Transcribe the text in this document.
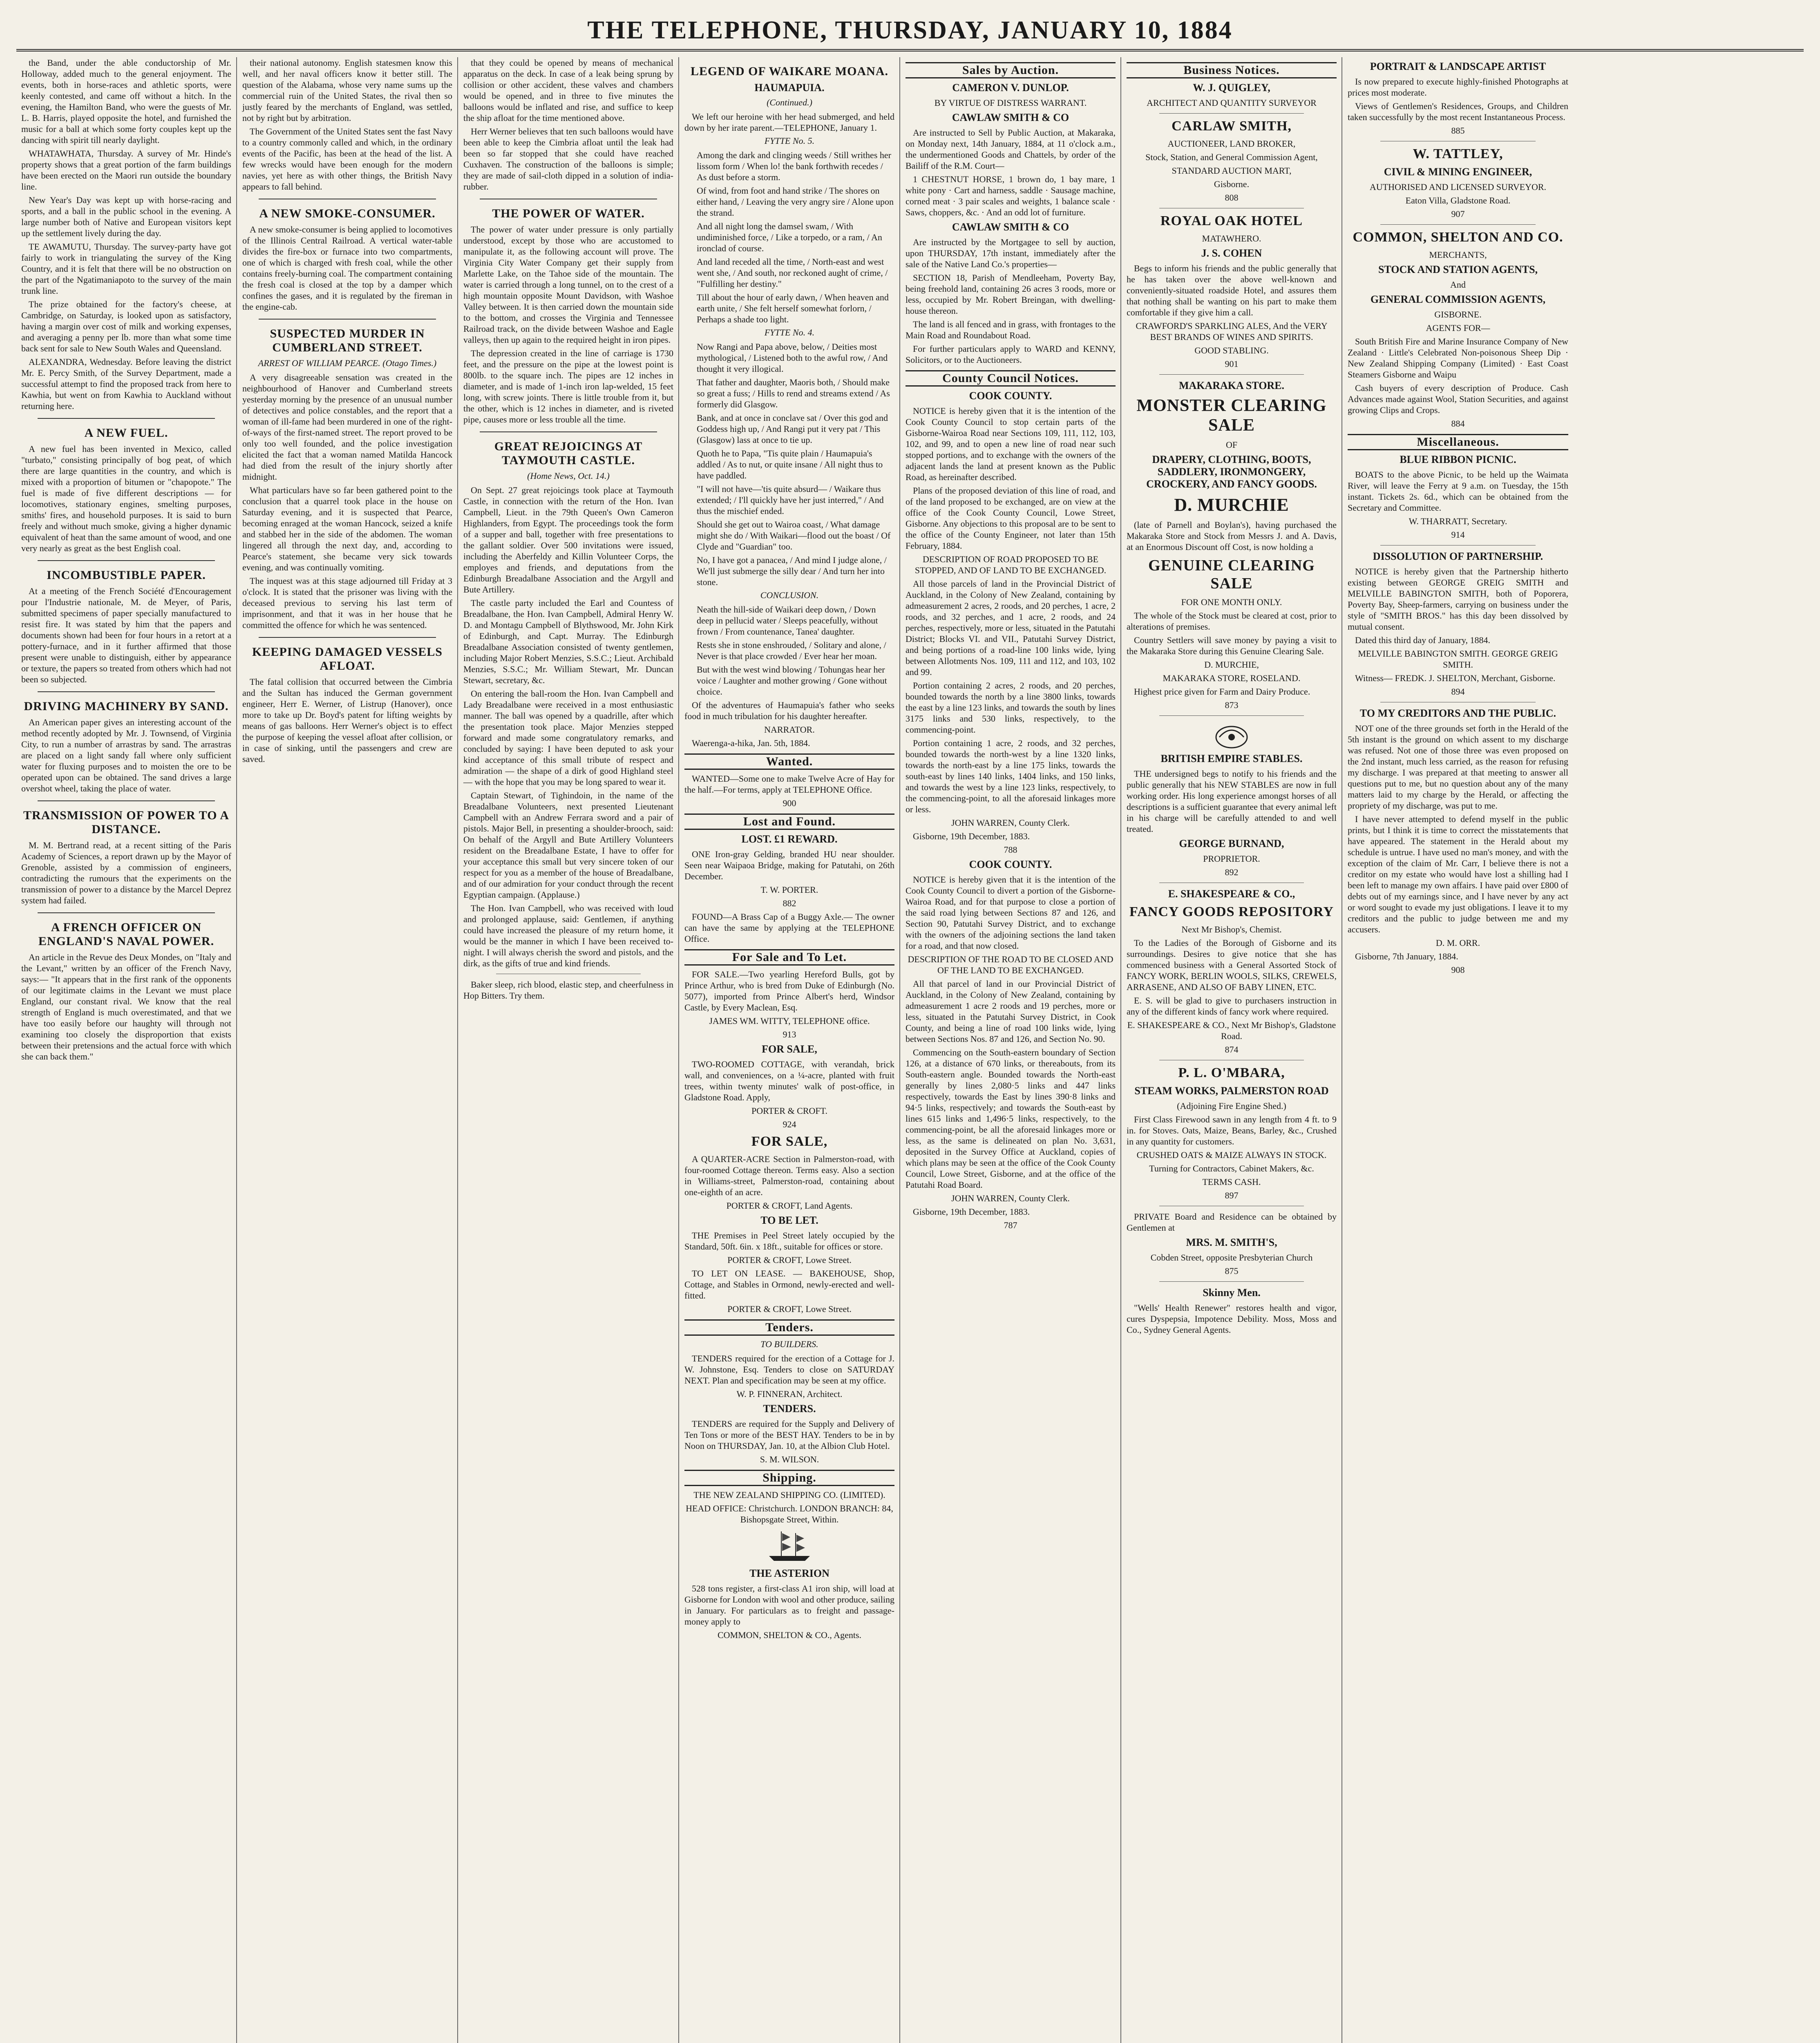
THE TELEPHONE, THURSDAY, JANUARY 10, 1884

the Band, under the able conductorship of Mr. Holloway, added much to the general enjoyment. The events, both in horse-races and athletic sports, were keenly contested, and came off without a hitch. In the evening, the Hamilton Band, who were the guests of Mr. L. B. Harris, played opposite the hotel, and furnished the music for a ball at which some forty couples kept up the dancing with spirit till nearly daylight.

WHATAWHATA, Thursday. A survey of Mr. Hinde's property shows that a great portion of the farm buildings have been erected on the Maori run outside the boundary line.

New Year's Day was kept up with horse-racing and sports, and a ball in the public school in the evening. A large number both of Native and European visitors kept up the settlement lively during the day.

TE AWAMUTU, Thursday. The survey-party have got fairly to work in triangulating the survey of the King Country, and it is felt that there will be no obstruction on the part of the Ngatimaniapoto to the survey of the main trunk line.

The prize obtained for the factory's cheese, at Cambridge, on Saturday, is looked upon as satisfactory, having a margin over cost of milk and working expenses, and averaging a penny per lb. more than what some time back sent for sale to New South Wales and Queensland.

ALEXANDRA, Wednesday. Before leaving the district Mr. E. Percy Smith, of the Survey Department, made a successful attempt to find the proposed track from here to Kawhia, but went on from Kawhia to Auckland without returning here.

A NEW FUEL.

A new fuel has been invented in Mexico, called "turbato," consisting principally of bog peat, of which there are large quantities in the country, and which is mixed with a proportion of bitumen or "chapopote." The fuel is made of five different descriptions — for locomotives, stationary engines, smelting purposes, smiths' fires, and household purposes. It is said to burn freely and without much smoke, giving a higher dynamic equivalent of heat than the same amount of wood, and one very nearly as great as the best English coal.

INCOMBUSTIBLE PAPER.

At a meeting of the French Société d'Encouragement pour l'Industrie nationale, M. de Meyer, of Paris, submitted specimens of paper specially manufactured to resist fire. It was stated by him that the papers and documents shown had been for four hours in a retort at a pottery-furnace, and in it further affirmed that those present were unable to distinguish, either by appearance or texture, the papers so treated from others which had not been so subjected.

DRIVING MACHINERY BY SAND.

An American paper gives an interesting account of the method recently adopted by Mr. J. Townsend, of Virginia City, to run a number of arrastras by sand. The arrastras are placed on a light sandy fall where only sufficient water for fluxing purposes and to moisten the ore to be operated upon can be obtained. The sand drives a large overshot wheel, taking the place of water.

TRANSMISSION OF POWER TO A DISTANCE.

M. M. Bertrand read, at a recent sitting of the Paris Academy of Sciences, a report drawn up by the Mayor of Grenoble, assisted by a commission of engineers, contradicting the rumours that the experiments on the transmission of power to a distance by the Marcel Deprez system had failed.

A FRENCH OFFICER ON ENGLAND'S NAVAL POWER.

An article in the Revue des Deux Mondes, on "Italy and the Levant," written by an officer of the French Navy, says:— "It appears that in the first rank of the opponents of our legitimate claims in the Levant we must place England, our constant rival. We know that the real strength of England is much overestimated, and that we have too easily before our haughty will through not examining too closely the disproportion that exists between their pretensions and the actual force with which she can back them."

their national autonomy. English statesmen know this well, and her naval officers know it better still. The question of the Alabama, whose very name sums up the commercial ruin of the United States, the rival then so justly feared by the merchants of England, was settled, not by right but by arbitration.

The Government of the United States sent the fast Navy to a country commonly called and which, in the ordinary events of the Pacific, has been at the head of the list. A few wrecks would have been enough for the modern navies, yet here as with other things, the British Navy appears to fall behind.

A NEW SMOKE-CONSUMER.

A new smoke-consumer is being applied to locomotives of the Illinois Central Railroad. A vertical water-table divides the fire-box or furnace into two compartments, one of which is charged with fresh coal, while the other contains freely-burning coal. The compartment containing the fresh coal is closed at the top by a damper which confines the gases, and it is regulated by the fireman in the engine-cab.

SUSPECTED MURDER IN CUMBERLAND STREET.
ARREST OF WILLIAM PEARCE. (Otago Times.)

A very disagreeable sensation was created in the neighbourhood of Hanover and Cumberland streets yesterday morning by the presence of an unusual number of detectives and police constables, and the report that a woman of ill-fame had been murdered in one of the right-of-ways of the first-named street. The report proved to be only too well founded, and the police investigation elicited the fact that a woman named Matilda Hancock had died from the result of the injury shortly after midnight.

What particulars have so far been gathered point to the conclusion that a quarrel took place in the house on Saturday evening, and it is suspected that Pearce, becoming enraged at the woman Hancock, seized a knife and stabbed her in the side of the abdomen. The woman lingered all through the next day, and, according to Pearce's statement, she became very sick towards evening, and was continually vomiting.

The inquest was at this stage adjourned till Friday at 3 o'clock. It is stated that the prisoner was living with the deceased previous to serving his last term of imprisonment, and that it was in her house that he committed the offence for which he was sentenced.

KEEPING DAMAGED VESSELS AFLOAT.

The fatal collision that occurred between the Cimbria and the Sultan has induced the German government engineer, Herr E. Werner, of Listrup (Hanover), once more to take up Dr. Boyd's patent for lifting weights by means of gas balloons. Herr Werner's object is to effect the purpose of keeping the vessel afloat after collision, or in case of sinking, until the passengers and crew are saved.

that they could be opened by means of mechanical apparatus on the deck. In case of a leak being sprung by collision or other accident, these valves and chambers would be opened, and in three to five minutes the balloons would be inflated and rise, and suffice to keep the ship afloat for the time mentioned above.

Herr Werner believes that ten such balloons would have been able to keep the Cimbria afloat until the leak had been so far stopped that she could have reached Cuxhaven. The construction of the balloons is simple; they are made of sail-cloth dipped in a solution of india-rubber.

THE POWER OF WATER.

The power of water under pressure is only partially understood, except by those who are accustomed to manipulate it, as the following account will prove. The Virginia City Water Company get their supply from Marlette Lake, on the Tahoe side of the mountain. The water is carried through a long tunnel, on to the crest of a high mountain opposite Mount Davidson, with Washoe Valley between. It is then carried down the mountain side to the bottom, and crosses the Virginia and Tennessee Railroad track, on the divide between Washoe and Eagle valleys, then up again to the required height in iron pipes.

The depression created in the line of carriage is 1730 feet, and the pressure on the pipe at the lowest point is 800lb. to the square inch. The pipes are 12 inches in diameter, and is made of 1-inch iron lap-welded, 15 feet long, with screw joints. There is little trouble from it, but the other, which is 12 inches in diameter, and is riveted pipe, causes more or less trouble all the time.

GREAT REJOICINGS AT TAYMOUTH CASTLE.
(Home News, Oct. 14.)

On Sept. 27 great rejoicings took place at Taymouth Castle, in connection with the return of the Hon. Ivan Campbell, Lieut. in the 79th Queen's Own Cameron Highlanders, from Egypt. The proceedings took the form of a supper and ball, together with free presentations to the gallant soldier. Over 500 invitations were issued, including the Aberfeldy and Killin Volunteer Corps, the employes and friends, and deputations from the Edinburgh Breadalbane Association and the Argyll and Bute Artillery.

The castle party included the Earl and Countess of Breadalbane, the Hon. Ivan Campbell, Admiral Henry W. D. and Montagu Campbell of Blythswood, Mr. John Kirk of Edinburgh, and Capt. Murray. The Edinburgh Breadalbane Association consisted of twenty gentlemen, including Major Robert Menzies, S.S.C.; Lieut. Archibald Menzies, S.S.C.; Mr. William Stewart, Mr. Duncan Stewart, secretary, &c.

On entering the ball-room the Hon. Ivan Campbell and Lady Breadalbane were received in a most enthusiastic manner. The ball was opened by a quadrille, after which the presentation took place. Major Menzies stepped forward and made some congratulatory remarks, and concluded by saying: I have been deputed to ask your kind acceptance of this small tribute of respect and admiration — the shape of a dirk of good Highland steel — with the hope that you may be long spared to wear it.

Captain Stewart, of Tighindoin, in the name of the Breadalbane Volunteers, next presented Lieutenant Campbell with an Andrew Ferrara sword and a pair of pistols. Major Bell, in presenting a shoulder-brooch, said: On behalf of the Argyll and Bute Artillery Volunteers resident on the Breadalbane Estate, I have to offer for your acceptance this small but very sincere token of our respect for you as a member of the house of Breadalbane, and of our admiration for your conduct through the recent Egyptian campaign. (Applause.)

The Hon. Ivan Campbell, who was received with loud and prolonged applause, said: Gentlemen, if anything could have increased the pleasure of my return home, it would be the manner in which I have been received to-night. I will always cherish the sword and pistols, and the dirk, as the gifts of true and kind friends.

Baker sleep, rich blood, elastic step, and cheerfulness in Hop Bitters. Try them.

LEGEND OF WAIKARE MOANA.
HAUMAPUIA.
(Continued.)

We left our heroine with her head submerged, and held down by her irate parent.—TELEPHONE, January 1.

FYTTE No. 5.

Among the dark and clinging weeds / Still writhes her lissom form / When lo! the bank forthwith recedes / As dust before a storm.

Of wind, from foot and hand strike / The shores on either hand, / Leaving the very angry sire / Alone upon the strand.

And all night long the damsel swam, / With undiminished force, / Like a torpedo, or a ram, / An ironclad of course.

And land receded all the time, / North-east and west went she, / And south, nor reckoned aught of crime, / "Fulfilling her destiny."

Till about the hour of early dawn, / When heaven and earth unite, / She felt herself somewhat forlorn, / Perhaps a shade too light.

FYTTE No. 4.

Now Rangi and Papa above, below, / Deities most mythological, / Listened both to the awful row, / And thought it very illogical.

That father and daughter, Maoris both, / Should make so great a fuss; / Hills to rend and streams extend / As formerly did Glasgow.

Bank, and at once in conclave sat / Over this god and Goddess high up, / And Rangi put it very pat / This (Glasgow) lass at once to tie up.

Quoth he to Papa, "Tis quite plain / Haumapuia's addled / As to nut, or quite insane / All night thus to have paddled.

"I will not have—'tis quite absurd— / Waikare thus extended; / I'll quickly have her just interred," / And thus the mischief ended.

Should she get out to Wairoa coast, / What damage might she do / With Waikari—flood out the boast / Of Clyde and "Guardian" too.

No, I have got a panacea, / And mind I judge alone, / We'll just submerge the silly dear / And turn her into stone.

CONCLUSION.

Neath the hill-side of Waikari deep down, / Down deep in pellucid water / Sleeps peacefully, without frown / From countenance, Tanea' daughter.

Rests she in stone enshrouded, / Solitary and alone, / Never is that place crowded / Ever hear her moan.

But with the west wind blowing / Tohungas hear her voice / Laughter and mother growing / Gone without choice.

Of the adventures of Haumapuia's father who seeks food in much tribulation for his daughter hereafter.

NARRATOR.

Waerenga-a-hika, Jan. 5th, 1884.

Wanted.

WANTED—Some one to make Twelve Acre of Hay for the half.—For terms, apply at TELEPHONE Office.

900

Lost and Found.
LOST. £1 REWARD.

ONE Iron-gray Gelding, branded HU near shoulder. Seen near Waipaoa Bridge, making for Patutahi, on 26th December.

T. W. PORTER.

882

FOUND—A Brass Cap of a Buggy Axle.— The owner can have the same by applying at the TELEPHONE Office.

For Sale and To Let.

FOR SALE.—Two yearling Hereford Bulls, got by Prince Arthur, who is bred from Duke of Edinburgh (No. 5077), imported from Prince Albert's herd, Windsor Castle, by Every Maclean, Esq.

JAMES WM. WITTY, TELEPHONE office.

913

FOR SALE,

TWO-ROOMED COTTAGE, with verandah, brick wall, and conveniences, on a ¼-acre, planted with fruit trees, within twenty minutes' walk of post-office, in Gladstone Road. Apply,

PORTER & CROFT.

924

FOR SALE,

A QUARTER-ACRE Section in Palmerston-road, with four-roomed Cottage thereon. Terms easy. Also a section in Williams-street, Palmerston-road, containing about one-eighth of an acre.

PORTER & CROFT, Land Agents.

TO BE LET.

THE Premises in Peel Street lately occupied by the Standard, 50ft. 6in. x 18ft., suitable for offices or store.

PORTER & CROFT, Lowe Street.

TO LET ON LEASE. — BAKEHOUSE, Shop, Cottage, and Stables in Ormond, newly-erected and well-fitted.

PORTER & CROFT, Lowe Street.

Tenders.
TO BUILDERS.

TENDERS required for the erection of a Cottage for J. W. Johnstone, Esq. Tenders to close on SATURDAY NEXT. Plan and specification may be seen at my office.

W. P. FINNERAN, Architect.

TENDERS.

TENDERS are required for the Supply and Delivery of Ten Tons or more of the BEST HAY. Tenders to be in by Noon on THURSDAY, Jan. 10, at the Albion Club Hotel.

S. M. WILSON.

Shipping.

THE NEW ZEALAND SHIPPING CO. (LIMITED).

HEAD OFFICE: Christchurch. LONDON BRANCH: 84, Bishopsgate Street, Within.

THE ASTERION

528 tons register, a first-class A1 iron ship, will load at Gisborne for London with wool and other produce, sailing in January. For particulars as to freight and passage-money apply to

COMMON, SHELTON & CO., Agents.

Sales by Auction.
CAMERON V. DUNLOP.

BY VIRTUE OF DISTRESS WARRANT.

CAWLAW SMITH & CO

Are instructed to Sell by Public Auction, at Makaraka, on Monday next, 14th January, 1884, at 11 o'clock a.m., the undermentioned Goods and Chattels, by order of the Bailiff of the R.M. Court—

1 CHESTNUT HORSE, 1 brown do, 1 bay mare, 1 white pony · Cart and harness, saddle · Sausage machine, corned meat · 3 pair scales and weights, 1 balance scale · Saws, choppers, &c. · And an odd lot of furniture.

CAWLAW SMITH & CO

Are instructed by the Mortgagee to sell by auction, upon THURSDAY, 17th instant, immediately after the sale of the Native Land Co.'s properties—

SECTION 18, Parish of Mendleeham, Poverty Bay, being freehold land, containing 26 acres 3 roods, more or less, occupied by Mr. Robert Breingan, with dwelling-house thereon.

The land is all fenced and in grass, with frontages to the Main Road and Roundabout Road.

For further particulars apply to WARD and KENNY, Solicitors, or to the Auctioneers.

County Council Notices.
COOK COUNTY.

NOTICE is hereby given that it is the intention of the Cook County Council to stop certain parts of the Gisborne-Wairoa Road near Sections 109, 111, 112, 103, 102, and 99, and to open a new line of road near such stopped portions, and to exchange with the owners of the adjacent lands the land at present known as the Public Road, as hereinafter described.

Plans of the proposed deviation of this line of road, and of the land proposed to be exchanged, are on view at the office of the Cook County Council, Lowe Street, Gisborne. Any objections to this proposal are to be sent to the office of the County Engineer, not later than 15th February, 1884.

DESCRIPTION OF ROAD PROPOSED TO BE STOPPED, AND OF LAND TO BE EXCHANGED.

All those parcels of land in the Provincial District of Auckland, in the Colony of New Zealand, containing by admeasurement 2 acres, 2 roods, and 20 perches, 1 acre, 2 roods, and 32 perches, and 1 acre, 2 roods, and 24 perches, respectively, more or less, situated in the Patutahi District; Blocks VI. and VII., Patutahi Survey District, and being portions of a road-line 100 links wide, lying between Allotments Nos. 109, 111 and 112, and 103, 102 and 99.

Portion containing 2 acres, 2 roods, and 20 perches, bounded towards the north by a line 3800 links, towards the east by a line 123 links, and towards the south by lines 3175 links and 530 links, respectively, to the commencing-point.

Portion containing 1 acre, 2 roods, and 32 perches, bounded towards the north-west by a line 1320 links, towards the north-east by a line 175 links, towards the south-east by lines 140 links, 1404 links, and 150 links, and towards the west by a line 123 links, respectively, to the commencing-point, to all the aforesaid linkages more or less.

JOHN WARREN, County Clerk.

Gisborne, 19th December, 1883.

788

COOK COUNTY.

NOTICE is hereby given that it is the intention of the Cook County Council to divert a portion of the Gisborne-Wairoa Road, and for that purpose to close a portion of the said road lying between Sections 87 and 126, and Section 90, Patutahi Survey District, and to exchange with the owners of the adjoining sections the land taken for a road, and that now closed.

DESCRIPTION OF THE ROAD TO BE CLOSED AND OF THE LAND TO BE EXCHANGED.

All that parcel of land in our Provincial District of Auckland, in the Colony of New Zealand, containing by admeasurement 1 acre 2 roods and 19 perches, more or less, situated in the Patutahi Survey District, in Cook County, and being a line of road 100 links wide, lying between Sections Nos. 87 and 126, and Section No. 90.

Commencing on the South-eastern boundary of Section 126, at a distance of 670 links, or thereabouts, from its South-eastern angle. Bounded towards the North-east generally by lines 2,080·5 links and 447 links respectively, towards the East by lines 390·8 links and 94·5 links, respectively; and towards the South-east by lines 615 links and 1,496·5 links, respectively, to the commencing-point, be all the aforesaid linkages more or less, as the same is delineated on plan No. 3,631, deposited in the Survey Office at Auckland, copies of which plans may be seen at the office of the Cook County Council, Lowe Street, Gisborne, and at the office of the Patutahi Road Board.

JOHN WARREN, County Clerk.

Gisborne, 19th December, 1883.

787

Business Notices.
W. J. QUIGLEY,

ARCHITECT AND QUANTITY SURVEYOR

CARLAW SMITH,

AUCTIONEER, LAND BROKER,

Stock, Station, and General Commission Agent,

STANDARD AUCTION MART,

Gisborne.

808

ROYAL OAK HOTEL

MATAWHERO.

J. S. COHEN

Begs to inform his friends and the public generally that he has taken over the above well-known and conveniently-situated roadside Hotel, and assures them that nothing shall be wanting on his part to make them comfortable if they give him a call.

CRAWFORD'S SPARKLING ALES, And the VERY BEST BRANDS OF WINES AND SPIRITS.

GOOD STABLING.

901

MAKARAKA STORE.
MONSTER CLEARING SALE

OF

DRAPERY, CLOTHING, BOOTS, SADDLERY, IRONMONGERY, CROCKERY, AND FANCY GOODS.
D. MURCHIE

(late of Parnell and Boylan's), having purchased the Makaraka Store and Stock from Messrs J. and A. Davis, at an Enormous Discount off Cost, is now holding a

GENUINE CLEARING SALE

FOR ONE MONTH ONLY.

The whole of the Stock must be cleared at cost, prior to alterations of premises.

Country Settlers will save money by paying a visit to the Makaraka Store during this Genuine Clearing Sale.

D. MURCHIE,

MAKARAKA STORE, ROSELAND.

Highest price given for Farm and Dairy Produce.

873

BRITISH EMPIRE STABLES.

THE undersigned begs to notify to his friends and the public generally that his NEW STABLES are now in full working order. His long experience amongst horses of all descriptions is a sufficient guarantee that every animal left in his charge will be carefully attended to and well treated.

GEORGE BURNAND,

PROPRIETOR.

892

E. SHAKESPEARE & CO.,
FANCY GOODS REPOSITORY

Next Mr Bishop's, Chemist.

To the Ladies of the Borough of Gisborne and its surroundings. Desires to give notice that she has commenced business with a General Assorted Stock of FANCY WORK, BERLIN WOOLS, SILKS, CREWELS, ARRASENE, AND ALSO OF BABY LINEN, ETC.

E. S. will be glad to give to purchasers instruction in any of the different kinds of fancy work where required.

E. SHAKESPEARE & CO., Next Mr Bishop's, Gladstone Road.

874

P. L. O'MBARA,
STEAM WORKS, PALMERSTON ROAD

(Adjoining Fire Engine Shed.)

First Class Firewood sawn in any length from 4 ft. to 9 in. for Stoves. Oats, Maize, Beans, Barley, &c., Crushed in any quantity for customers.

CRUSHED OATS & MAIZE ALWAYS IN STOCK.

Turning for Contractors, Cabinet Makers, &c.

TERMS CASH.

897

PRIVATE Board and Residence can be obtained by Gentlemen at

MRS. M. SMITH'S,

Cobden Street, opposite Presbyterian Church

875

Skinny Men.

"Wells' Health Renewer" restores health and vigor, cures Dyspepsia, Impotence Debility. Moss, Moss and Co., Sydney General Agents.

PORTRAIT & LANDSCAPE ARTIST

Is now prepared to execute highly-finished Photographs at prices most moderate.

Views of Gentlemen's Residences, Groups, and Children taken successfully by the most recent Instantaneous Process.

885

W. TATTLEY,
CIVIL & MINING ENGINEER,

AUTHORISED AND LICENSED SURVEYOR.

Eaton Villa, Gladstone Road.

907

COMMON, SHELTON AND CO.

MERCHANTS,

STOCK AND STATION AGENTS,

And

GENERAL COMMISSION AGENTS,

GISBORNE.

AGENTS FOR—

South British Fire and Marine Insurance Company of New Zealand · Little's Celebrated Non-poisonous Sheep Dip · New Zealand Shipping Company (Limited) · East Coast Steamers Gisborne and Waipu

Cash buyers of every description of Produce. Cash Advances made against Wool, Station Securities, and against growing Clips and Crops.

884

Miscellaneous.
BLUE RIBBON PICNIC.

BOATS to the above Picnic, to be held up the Waimata River, will leave the Ferry at 9 a.m. on Tuesday, the 15th instant. Tickets 2s. 6d., which can be obtained from the Secretary and Committee.

W. THARRATT, Secretary.

914

DISSOLUTION OF PARTNERSHIP.

NOTICE is hereby given that the Partnership hitherto existing between GEORGE GREIG SMITH and MELVILLE BABINGTON SMITH, both of Poporera, Poverty Bay, Sheep-farmers, carrying on business under the style of "SMITH BROS." has this day been dissolved by mutual consent.

Dated this third day of January, 1884.

MELVILLE BABINGTON SMITH. GEORGE GREIG SMITH.

Witness— FREDK. J. SHELTON, Merchant, Gisborne.

894

TO MY CREDITORS AND THE PUBLIC.

NOT one of the three grounds set forth in the Herald of the 5th instant is the ground on which assent to my discharge was refused. Not one of those three was even proposed on the 2nd instant, much less carried, as the reason for refusing my discharge. I was prepared at that meeting to answer all questions put to me, but no question about any of the many matters laid to my charge by the Herald, or affecting the propriety of my discharge, was put to me.

I have never attempted to defend myself in the public prints, but I think it is time to correct the misstatements that have appeared. The statement in the Herald about my schedule is untrue. I have used no man's money, and with the exception of the claim of Mr. Carr, I believe there is not a creditor on my estate who would have lost a shilling had I been left to manage my own affairs. I have paid over £800 of debts out of my earnings since, and I have never by any act or word sought to evade my just obligations. I leave it to my creditors and the public to judge between me and my accusers.

D. M. ORR.

Gisborne, 7th January, 1884.

908
